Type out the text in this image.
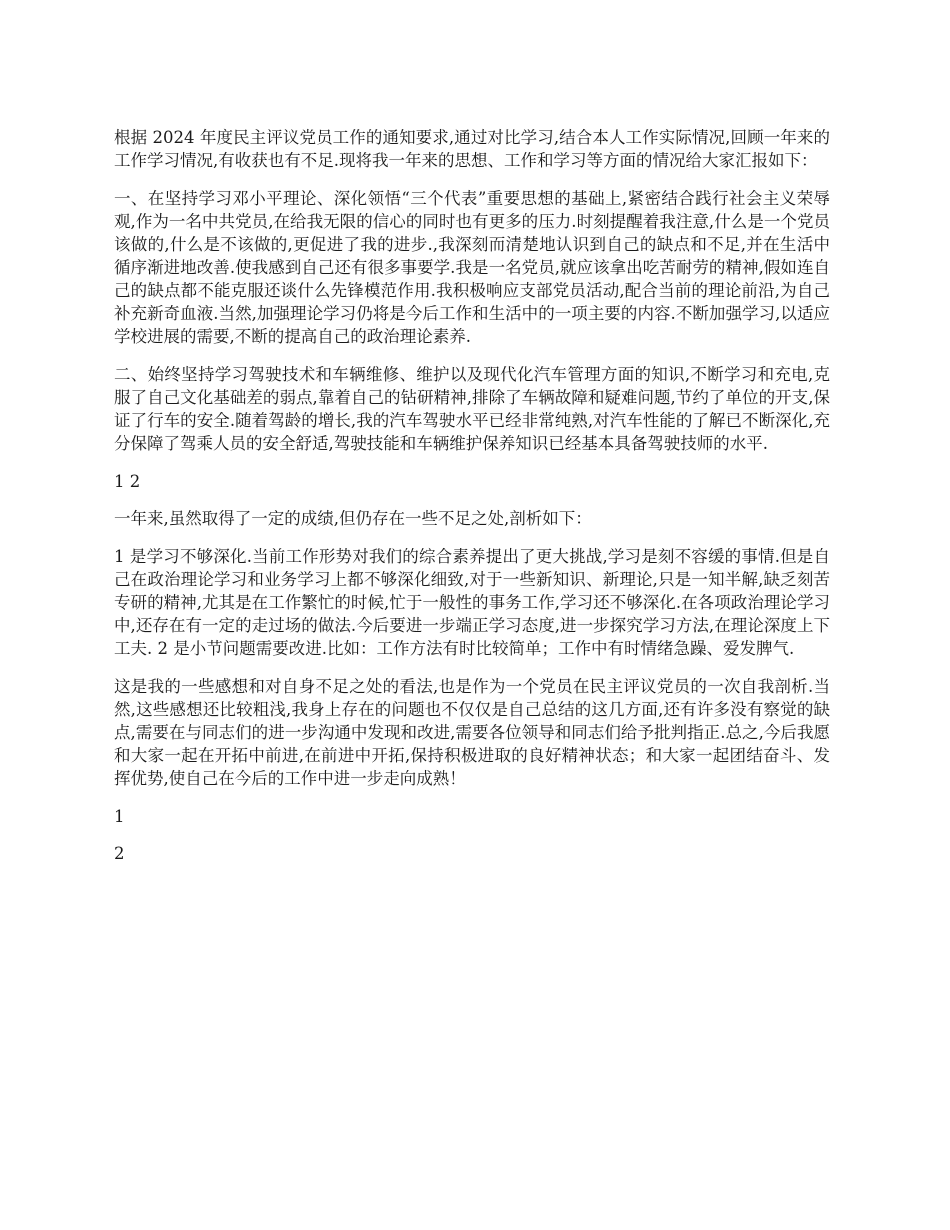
根据 2024 年度民主评议党员工作的通知要求,通过对比学习,结合本人工作实际情况,回顾一年来的工作学习情况,有收获也有不足.现将我一年来的思想、工作和学习等方面的情况给大家汇报如下：

一、在坚持学习邓小平理论、深化领悟“三个代表”重要思想的基础上,紧密结合践行社会主义荣辱观,作为一名中共党员,在给我无限的信心的同时也有更多的压力.时刻提醒着我注意,什么是一个党员该做的,什么是不该做的,更促进了我的进步.,我深刻而清楚地认识到自己的缺点和不足,并在生活中循序渐进地改善.使我感到自己还有很多事要学.我是一名党员,就应该拿出吃苦耐劳的精神,假如连自己的缺点都不能克服还谈什么先锋模范作用.我积极响应支部党员活动,配合当前的理论前沿,为自己补充新奇血液.当然,加强理论学习仍将是今后工作和生活中的一项主要的内容.不断加强学习,以适应学校进展的需要,不断的提高自己的政治理论素养.

二、始终坚持学习驾驶技术和车辆维修、维护以及现代化汽车管理方面的知识,不断学习和充电,克服了自己文化基础差的弱点,靠着自己的钻研精神,排除了车辆故障和疑难问题,节约了单位的开支,保证了行车的安全.随着驾龄的增长,我的汽车驾驶水平已经非常纯熟,对汽车性能的了解已不断深化,充分保障了驾乘人员的安全舒适,驾驶技能和车辆维护保养知识已经基本具备驾驶技师的水平.

1 2

一年来,虽然取得了一定的成绩,但仍存在一些不足之处,剖析如下：

1 是学习不够深化.当前工作形势对我们的综合素养提出了更大挑战,学习是刻不容缓的事情.但是自己在政治理论学习和业务学习上都不够深化细致,对于一些新知识、新理论,只是一知半解,缺乏刻苦专研的精神,尤其是在工作繁忙的时候,忙于一般性的事务工作,学习还不够深化.在各项政治理论学习中,还存在有一定的走过场的做法.今后要进一步端正学习态度,进一步探究学习方法,在理论深度上下工夫. 2 是小节问题需要改进.比如：工作方法有时比较简单；工作中有时情绪急躁、爱发脾气.

这是我的一些感想和对自身不足之处的看法,也是作为一个党员在民主评议党员的一次自我剖析.当然,这些感想还比较粗浅,我身上存在的问题也不仅仅是自己总结的这几方面,还有许多没有察觉的缺点,需要在与同志们的进一步沟通中发现和改进,需要各位领导和同志们给予批判指正.总之,今后我愿和大家一起在开拓中前进,在前进中开拓,保持积极进取的良好精神状态；和大家一起团结奋斗、发挥优势,使自己在今后的工作中进一步走向成熟！

1

2
